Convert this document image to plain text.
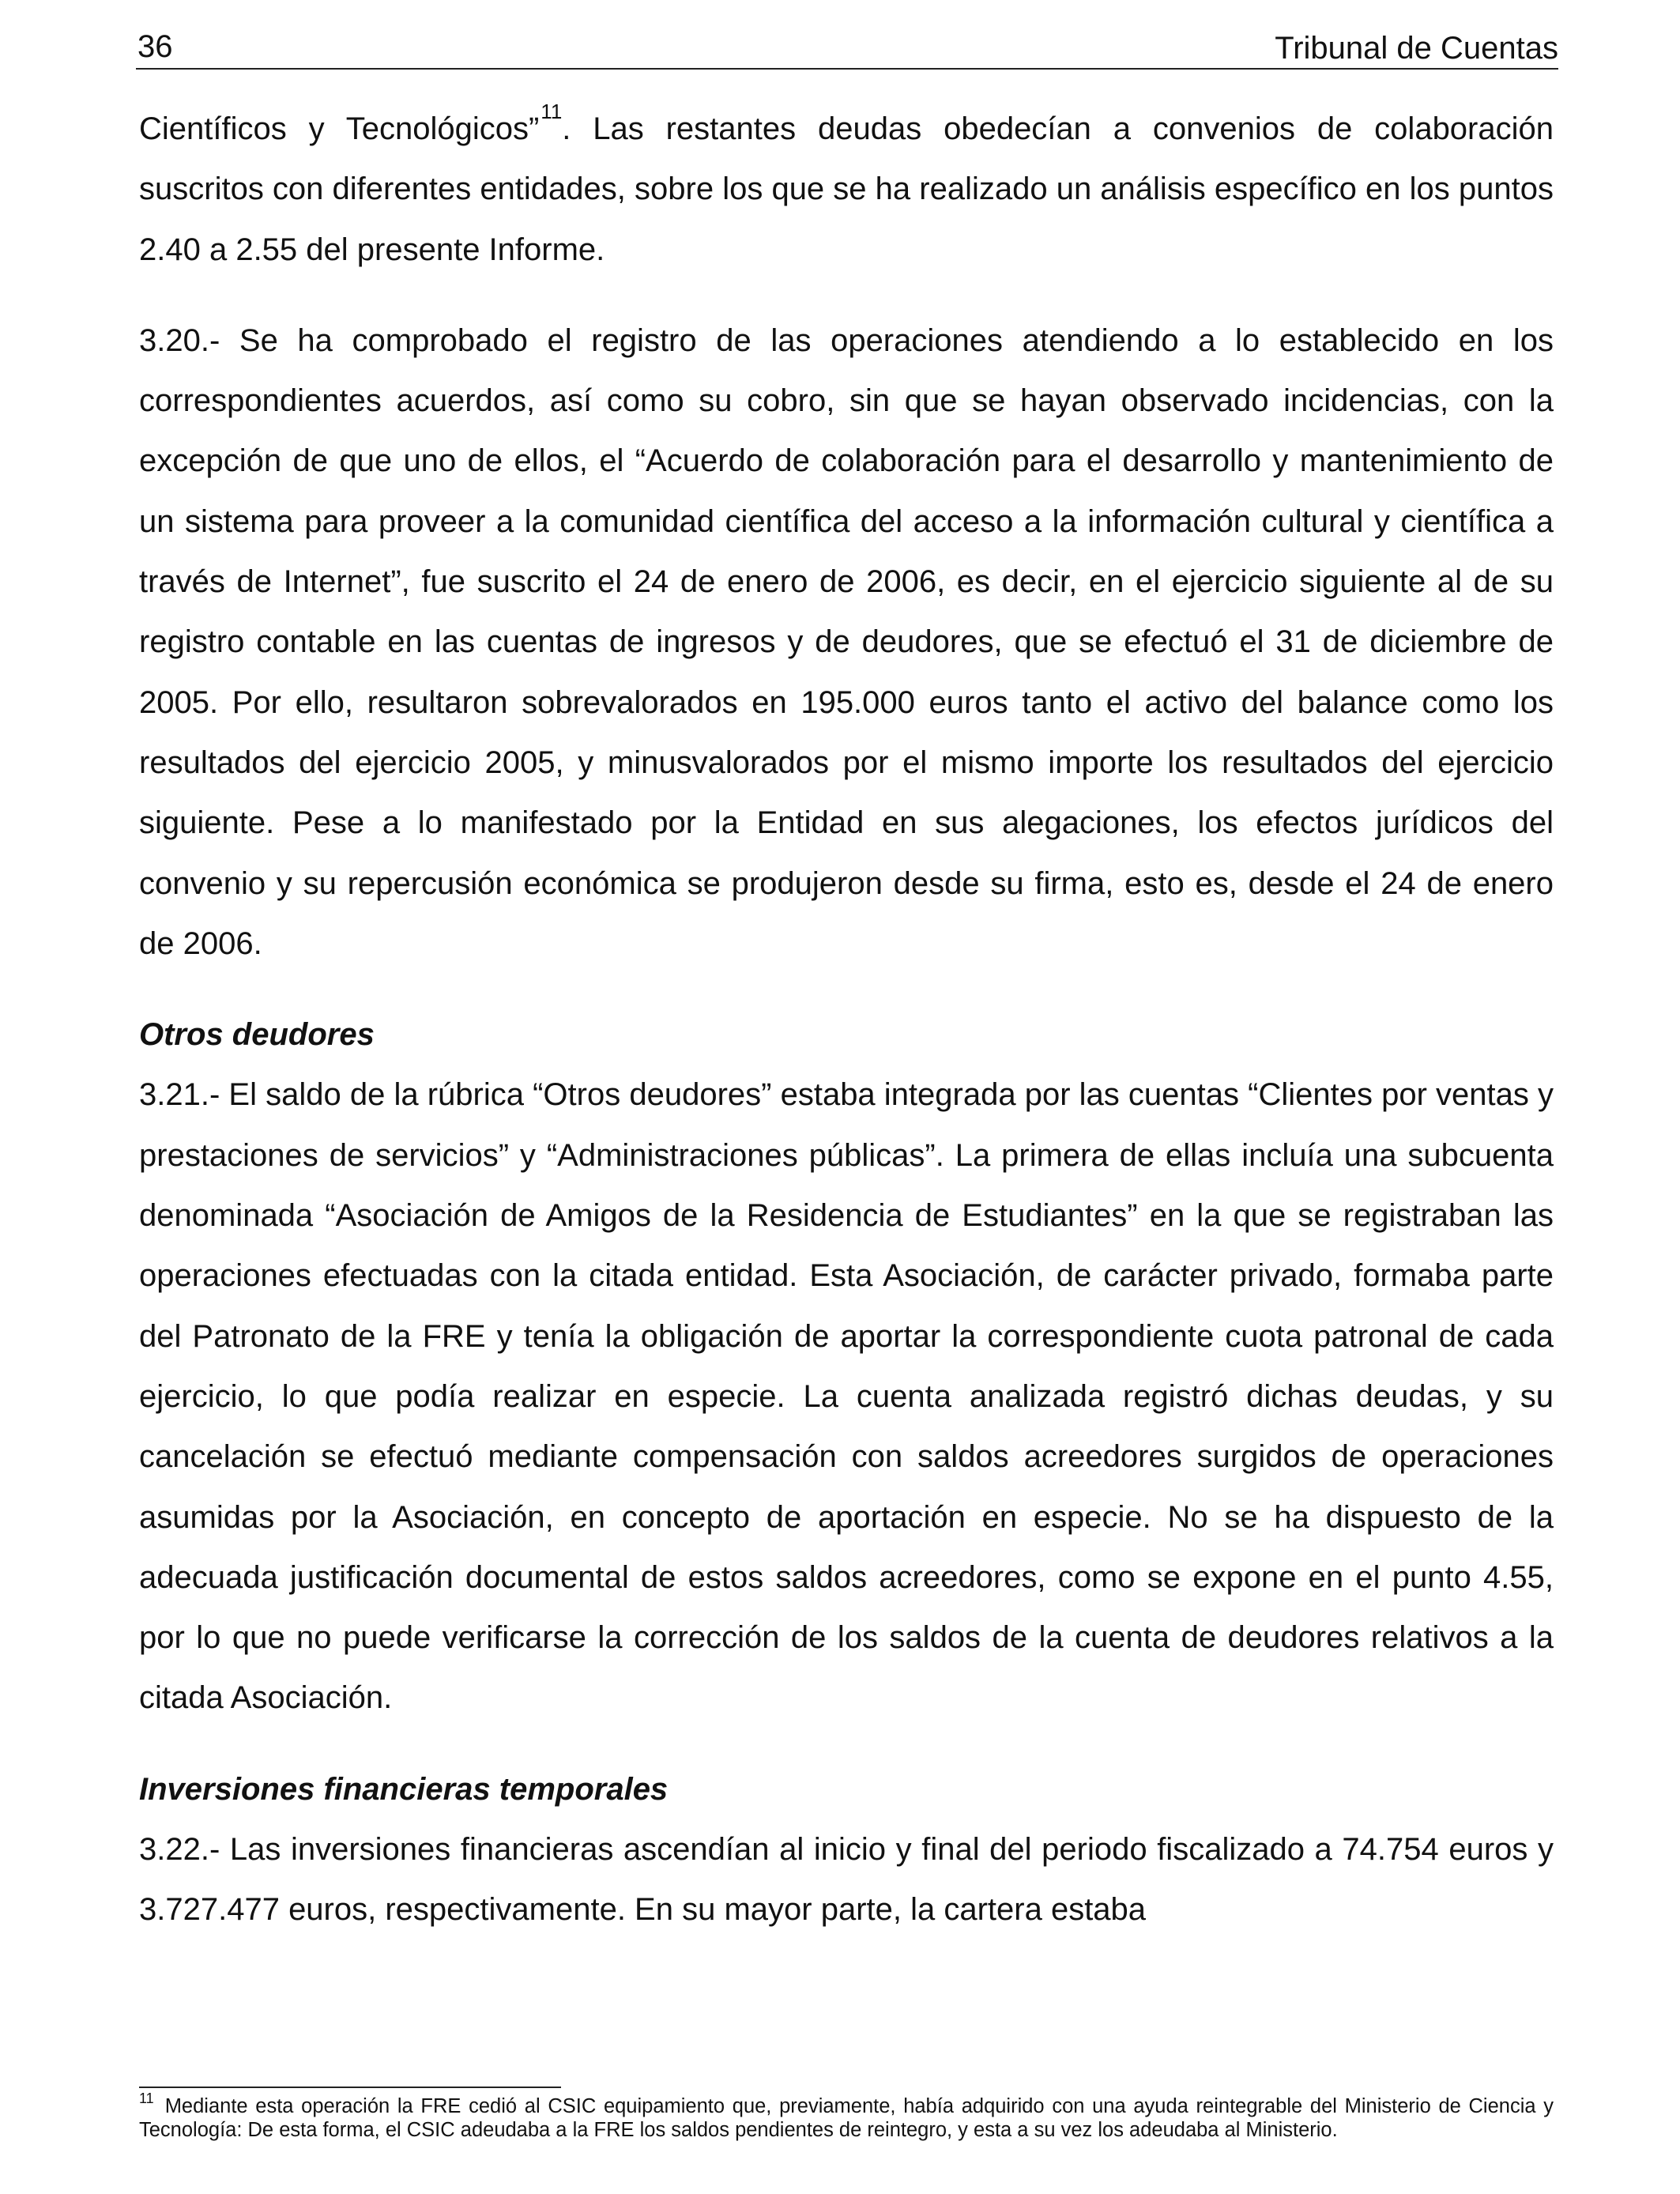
36	Tribunal de Cuentas

Científicos y Tecnológicos”$^{11}$. Las restantes deudas obedecían a convenios de colaboración suscritos con diferentes entidades, sobre los que se ha realizado un análisis específico en los puntos 2.40 a 2.55 del presente Informe.

3.20.- Se ha comprobado el registro de las operaciones atendiendo a lo establecido en los correspondientes acuerdos, así como su cobro, sin que se hayan observado incidencias, con la excepción de que uno de ellos, el “Acuerdo de colaboración para el desarrollo y mantenimiento de un sistema para proveer a la comunidad científica del acceso a la información cultural y científica a través de Internet”, fue suscrito el 24 de enero de 2006, es decir, en el ejercicio siguiente al de su registro contable en las cuentas de ingresos y de deudores, que se efectuó el 31 de diciembre de 2005. Por ello, resultaron sobrevalorados en 195.000 euros tanto el activo del balance como los resultados del ejercicio 2005, y minusvalorados por el mismo importe los resultados del ejercicio siguiente. Pese a lo manifestado por la Entidad en sus alegaciones, los efectos jurídicos del convenio y su repercusión económica se produjeron desde su firma, esto es, desde el 24 de enero de 2006.

Otros deudores

3.21.- El saldo de la rúbrica “Otros deudores” estaba integrada por las cuentas “Clientes por ventas y prestaciones de servicios” y “Administraciones públicas”. La primera de ellas incluía una subcuenta denominada “Asociación de Amigos de la Residencia de Estudiantes” en la que se registraban las operaciones efectuadas con la citada entidad. Esta Asociación, de carácter privado, formaba parte del Patronato de la FRE y tenía la obligación de aportar la correspondiente cuota patronal de cada ejercicio, lo que podía realizar en especie. La cuenta analizada registró dichas deudas, y su cancelación se efectuó mediante compensación con saldos acreedores surgidos de operaciones asumidas por la Asociación, en concepto de aportación en especie. No se ha dispuesto de la adecuada justificación documental de estos saldos acreedores, como se expone en el punto 4.55, por lo que no puede verificarse la corrección de los saldos de la cuenta de deudores relativos a la citada Asociación.

Inversiones financieras temporales

3.22.- Las inversiones financieras ascendían al inicio y final del periodo fiscalizado a 74.754 euros y 3.727.477 euros, respectivamente. En su mayor parte, la cartera estaba

$^{11}$ Mediante esta operación la FRE cedió al CSIC equipamiento que, previamente, había adquirido con una ayuda reintegrable del Ministerio de Ciencia y Tecnología: De esta forma, el CSIC adeudaba a la FRE los saldos pendientes de reintegro, y esta a su vez los adeudaba al Ministerio.
